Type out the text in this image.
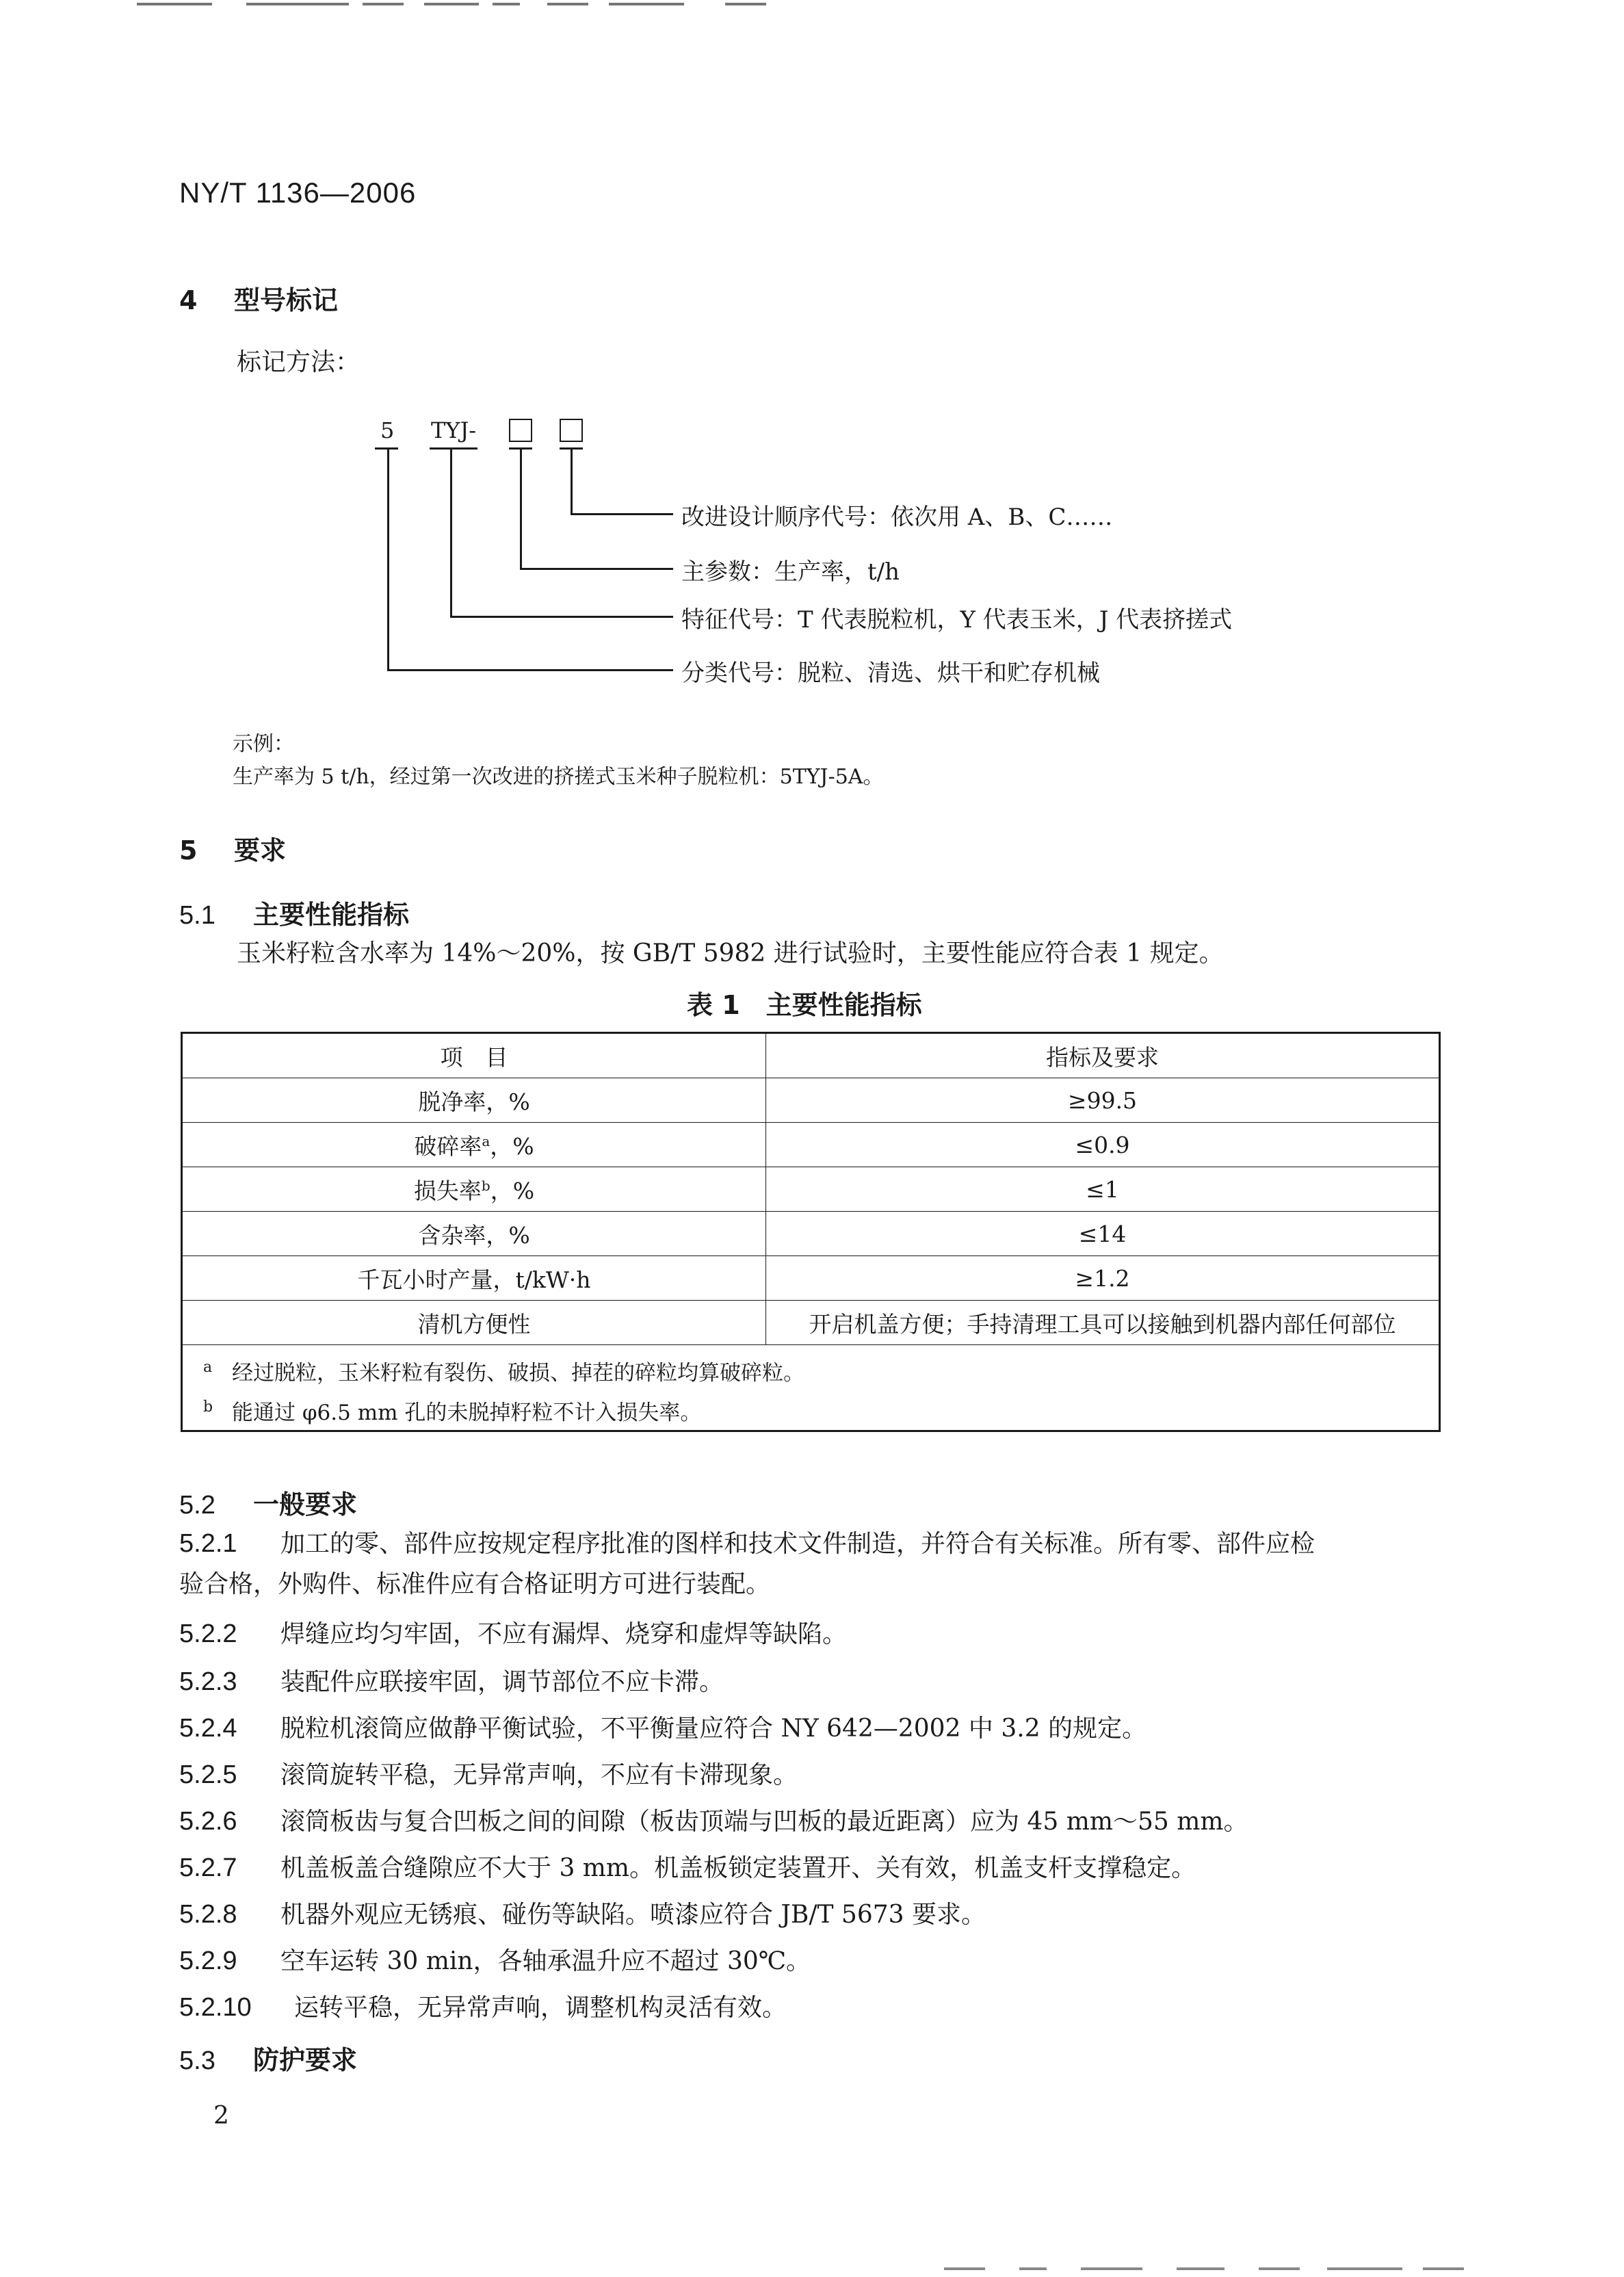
NY/T 1136—2006
4 型号标记
标记方法：
5 TYJ-
改进设计顺序代号：依次用 A、B、C……
主参数：生产率，t/h
特征代号：T 代表脱粒机，Y 代表玉米，J 代表挤搓式
分类代号：脱粒、清选、烘干和贮存机械
示例：
生产率为 5 t/h，经过第一次改进的挤搓式玉米种子脱粒机：5TYJ-5A。
5 要求
5.1 主要性能指标
玉米籽粒含水率为 14%～20%，按 GB/T 5982 进行试验时，主要性能应符合表 1 规定。
表 1　主要性能指标
项　目	指标及要求
脱净率，%	≥99.5
破碎率$^a$，%	≤0.9
损失率$^b$，%	≤1
含杂率，%	≤14
千瓦小时产量，t/kW·h	≥1.2
清机方便性	开启机盖方便；手持清理工具可以接触到机器内部任何部位
a 经过脱粒，玉米籽粒有裂伤、破损、掉茬的碎粒均算破碎粒。	
b 能通过 φ6.5 mm 孔的未脱掉籽粒不计入损失率。	
5.2 一般要求
5.2.1 加工的零、部件应按规定程序批准的图样和技术文件制造，并符合有关标准。所有零、部件应检
验合格，外购件、标准件应有合格证明方可进行装配。
5.2.2 焊缝应均匀牢固，不应有漏焊、烧穿和虚焊等缺陷。
5.2.3 装配件应联接牢固，调节部位不应卡滞。
5.2.4 脱粒机滚筒应做静平衡试验，不平衡量应符合 NY 642—2002 中 3.2 的规定。
5.2.5 滚筒旋转平稳，无异常声响，不应有卡滞现象。
5.2.6 滚筒板齿与复合凹板之间的间隙（板齿顶端与凹板的最近距离）应为 45 mm～55 mm。
5.2.7 机盖板盖合缝隙应不大于 3 mm。机盖板锁定装置开、关有效，机盖支杆支撑稳定。
5.2.8 机器外观应无锈痕、碰伤等缺陷。喷漆应符合 JB/T 5673 要求。
5.2.9 空车运转 30 min，各轴承温升应不超过 30℃。
5.2.10 运转平稳，无异常声响，调整机构灵活有效。
5.3 防护要求
2
